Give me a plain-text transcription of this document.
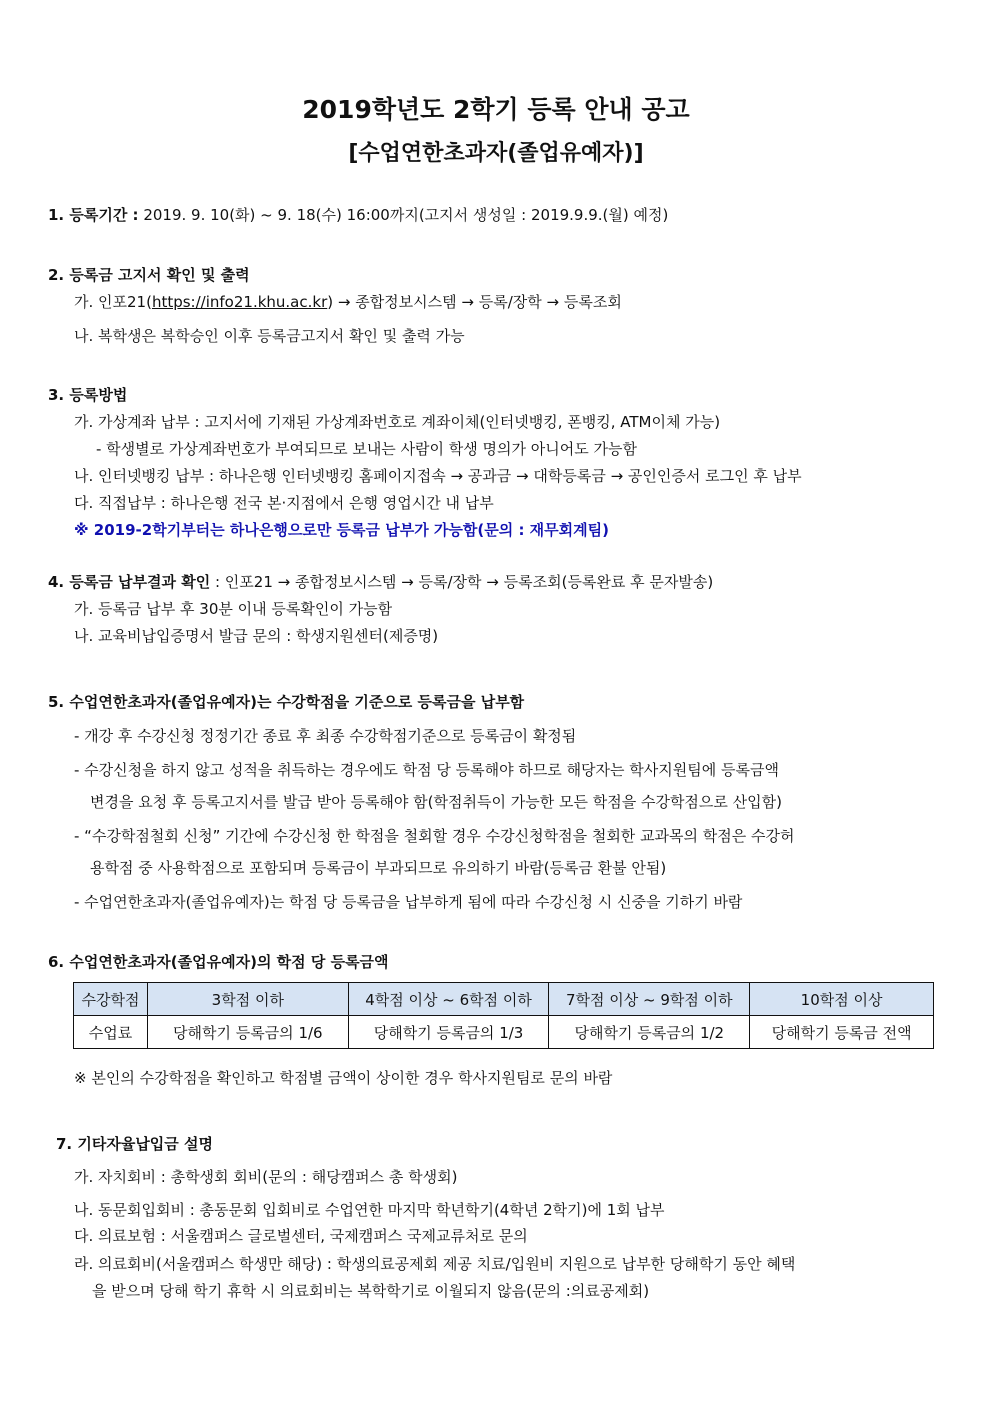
2019학년도 2학기 등록 안내 공고
[수업연한초과자(졸업유예자)]
1. 등록기간 : 2019. 9. 10(화) ~ 9. 18(수) 16:00까지(고지서 생성일 : 2019.9.9.(월) 예정)
2. 등록금 고지서 확인 및 출력
가. 인포21(https://info21.khu.ac.kr) → 종합정보시스템 → 등록/장학 → 등록조회
나. 복학생은 복학승인 이후 등록금고지서 확인 및 출력 가능
3. 등록방법
가. 가상계좌 납부 : 고지서에 기재된 가상계좌번호로 계좌이체(인터넷뱅킹, 폰뱅킹, ATM이체 가능)
- 학생별로 가상계좌번호가 부여되므로 보내는 사람이 학생 명의가 아니어도 가능함
나. 인터넷뱅킹 납부 : 하나은행 인터넷뱅킹 홈페이지접속 → 공과금 → 대학등록금 → 공인인증서 로그인 후 납부
다. 직접납부 : 하나은행 전국 본·지점에서 은행 영업시간 내 납부
※ 2019-2학기부터는 하나은행으로만 등록금 납부가 가능함(문의 : 재무회계팀)
4. 등록금 납부결과 확인 : 인포21 → 종합정보시스템 → 등록/장학 → 등록조회(등록완료 후 문자발송)
가. 등록금 납부 후 30분 이내 등록확인이 가능함
나. 교육비납입증명서 발급 문의 : 학생지원센터(제증명)
5. 수업연한초과자(졸업유예자)는 수강학점을 기준으로 등록금을 납부함
- 개강 후 수강신청 정정기간 종료 후 최종 수강학점기준으로 등록금이 확정됨
- 수강신청을 하지 않고 성적을 취득하는 경우에도 학점 당 등록해야 하므로 해당자는 학사지원팀에 등록금액
변경을 요청 후 등록고지서를 발급 받아 등록해야 함(학점취득이 가능한 모든 학점을 수강학점으로 산입함)
- “수강학점철회 신청” 기간에 수강신청 한 학점을 철회할 경우 수강신청학점을 철회한 교과목의 학점은 수강허
용학점 중 사용학점으로 포함되며 등록금이 부과되므로 유의하기 바람(등록금 환불 안됨)
- 수업연한초과자(졸업유예자)는 학점 당 등록금을 납부하게 됨에 따라 수강신청 시 신중을 기하기 바람
6. 수업연한초과자(졸업유예자)의 학점 당 등록금액
수강학점	3학점 이하	4학점 이상 ~ 6학점 이하	7학점 이상 ~ 9학점 이하	10학점 이상
수업료	당해학기 등록금의 1/6	당해학기 등록금의 1/3	당해학기 등록금의 1/2	당해학기 등록금 전액
※ 본인의 수강학점을 확인하고 학점별 금액이 상이한 경우 학사지원팀로 문의 바람
7. 기타자율납입금 설명
가. 자치회비 : 총학생회 회비(문의 : 해당캠퍼스 총 학생회)
나. 동문회입회비 : 총동문회 입회비로 수업연한 마지막 학년학기(4학년 2학기)에 1회 납부
다. 의료보험 : 서울캠퍼스 글로벌센터, 국제캠퍼스 국제교류처로 문의
라. 의료회비(서울캠퍼스 학생만 해당) : 학생의료공제회 제공 치료/입원비 지원으로 납부한 당해학기 동안 혜택
을 받으며 당해 학기 휴학 시 의료회비는 복학학기로 이월되지 않음(문의 :의료공제회)
